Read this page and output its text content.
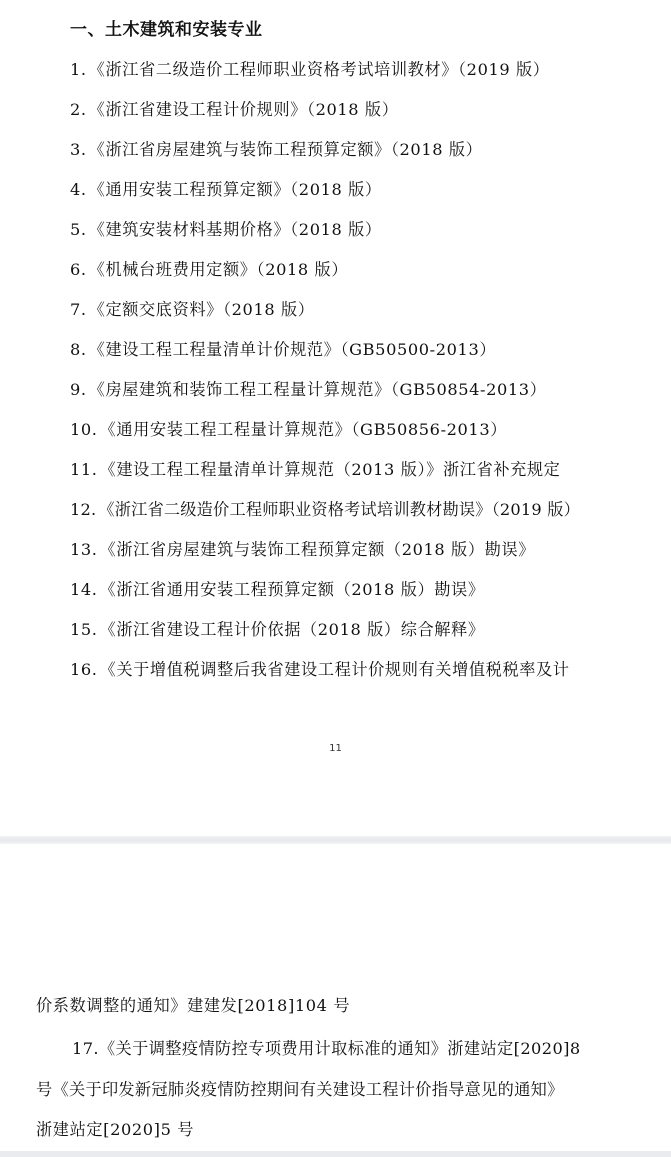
一、土木建筑和安装专业
1. 《浙江省二级造价工程师职业资格考试培训教材》（2019 版）
2. 《浙江省建设工程计价规则》（2018 版）
3. 《浙江省房屋建筑与装饰工程预算定额》（2018 版）
4. 《通用安装工程预算定额》（2018 版）
5. 《建筑安装材料基期价格》（2018 版）
6. 《机械台班费用定额》（2018 版）
7. 《定额交底资料》（2018 版）
8. 《建设工程工程量清单计价规范》（GB50500-2013）
9. 《房屋建筑和装饰工程工程量计算规范》（GB50854-2013）
10. 《通用安装工程工程量计算规范》（GB50856-2013）
11. 《建设工程工程量清单计算规范（2013 版）》浙江省补充规定
12. 《浙江省二级造价工程师职业资格考试培训教材勘误》（2019 版）
13. 《浙江省房屋建筑与装饰工程预算定额（2018 版）勘误》
14. 《浙江省通用安装工程预算定额（2018 版）勘误》
15. 《浙江省建设工程计价依据（2018 版）综合解释》
16. 《关于增值税调整后我省建设工程计价规则有关增值税税率及计
11
价系数调整的通知》建建发[2018]104 号
17.《关于调整疫情防控专项费用计取标准的通知》浙建站定[2020]8
号《关于印发新冠肺炎疫情防控期间有关建设工程计价指导意见的通知》
浙建站定[2020]5 号
